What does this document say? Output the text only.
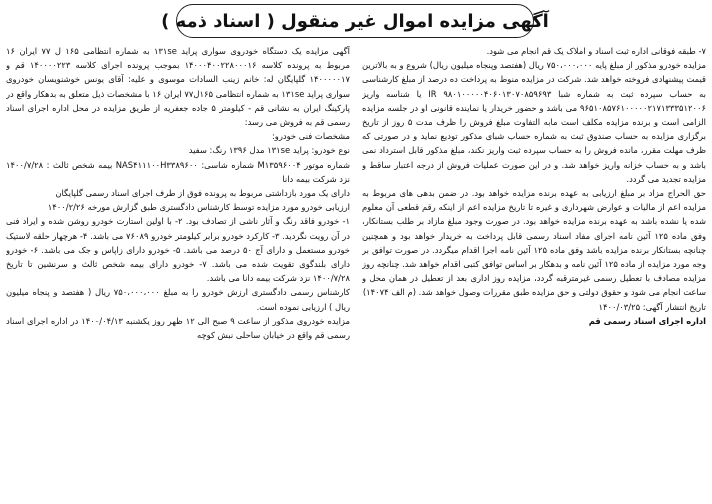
آگهی مزایده اموال غیر منقول ( اسناد ذمه )

آگهی مزایده یک دستگاه خودروی سواری پراید ۱۳۱se به شماره انتظامی ۱۶۵ ل ۷۷ ایران ۱۶ مربوط به پرونده کلاسه ۱۴۰۰۰۴۰۰۲۲۸۰۰۰۱۶ بموجب پرونده اجرای کلاسه ۱۴۰۰۰۰۲۲۳ قم و ۱۴۰۰۰۰۰۱۷ گلپایگان له: خانم زینب السادات موسوی و علیه: آقای یونس خوشنویسان خودروی سواری پراید ۱۳۱se به شماره انتظامی ۱۶۵ل۷۷ ایران ۱۶ با مشخصات ذیل متعلق به بدهکار واقع در پارکینگ ایران به نشانی قم - کیلومتر ۵ جاده جعفریه از طریق مزایده در محل اداره اجرای اسناد رسمی قم به فروش می رسد:

مشخصات فنی خودرو:

نوع خودرو: پراید ۱۳۱se مدل ۱۳۹۶ رنگ: سفید

شماره موتور M۱۳۵۹۶۰۰۴ شماره شاسی: NAS۴۱۱۱۰۰H۳۳۸۹۶۰۰ بیمه شخص ثالث : ۱۴۰۰/۷/۲۸ نزد شرکت بیمه دانا

دارای یک مورد بازداشتی مربوط به پرونده فوق از طرف اجرای اسناد رسمی گلپایگان

ارزیابی خودرو مورد مزایده توسط کارشناس دادگستری طبق گزارش مورخه ۱۴۰۰/۲/۲۶

۱- خودرو فاقد رنگ و آثار ناشی از تصادف بود. ۲- با اولین استارت خودرو روشن شده و ایراد فنی در آن رویت نگردید. ۳- کارکرد خودرو برابر کیلومتر خودرو ۷۶۰۸۹ می باشد. ۴- هرچهار حلقه لاستیک خودرو مستعمل و دارای آج ۵۰ درصد می باشد. ۵- خودرو دارای زاپاس و جک می باشد. ۶- خودرو دارای بلندگوی تقویت شده می باشد. ۷- خودرو دارای بیمه شخص ثالث و سرنشین تا تاریخ ۱۴۰۰/۷/۲۸ نزد شرکت بیمه دانا می باشد.

کارشناس رسمی دادگستری ارزش خودرو را به مبلغ ۷۵۰،۰۰۰،۰۰۰ ریال ( هفتصد و پنجاه میلیون ریال ) ارزیابی نموده است.

مزایده خودروی مذکور از ساعت ۹ صبح الی ۱۲ ظهر روز یکشنبه ۱۴۰۰/۰۴/۱۳ در اداره اجرای اسناد رسمی قم واقع در خیابان ساحلی نبش کوچه

۷- طبقه فوقانی اداره ثبت اسناد و املاک یک قم انجام می شود.

مزایده خودرو مذکور از مبلغ پایه ۷۵۰،۰۰۰،۰۰۰ ریال (هفتصد وپنجاه میلیون ریال) شروع و به بالاترین قیمت پیشنهادی فروخته خواهد شد. شرکت در مزایده منوط به پرداخت ده درصد از مبلغ کارشناسی به حساب سپرده ثبت به شماره شبا IR ۹۸۰۱۰۰۰۰۰۴۰۶۰۱۳۰۷۰۸۵۹۶۹۳ یا شناسه واریز ۹۶۵۱۰۸۵۷۶۱۰۰۰۰۰۲۱۷۱۳۳۳۵۱۲۰۰۶ می باشد و حضور خریدار یا نماینده قانونی او در جلسه مزایده الزامی است و برنده مزایده مکلف است مابه التفاوت مبلغ فروش را ظرف مدت ۵ روز از تاریخ برگزاری مزایده به حساب صندوق ثبت به شماره حساب شبای مذکور تودیع نماید و در صورتی که ظرف مهلت مقرر، مانده فروش را به حساب سپرده ثبت واریز نکند، مبلغ مذکور قابل استرداد نمی باشد و به حساب خزانه واریز خواهد شد. و در این صورت عملیات فروش از درجه اعتبار ساقط و مزایده تجدید می گردد.

حق الحراج مزاد بر مبلغ ارزیابی به عهده برنده مزایده خواهد بود. در ضمن بدهی های مربوط به مزایده اعم از مالیات و عوارض شهرداری و غیره تا تاریخ مزایده اعم از اینکه رقم قطعی آن معلوم شده یا نشده باشد به عهده برنده مزایده خواهد بود. در صورت وجود مبلغ مازاد بر طلب بستانکار، وفق ماده ۱۲۵ آئین نامه اجرای مفاد اسناد رسمی قابل پرداخت به خریدار خواهد بود و همچنین چنانچه بستانکار برنده مزایده باشد وفق ماده ۱۲۵ آئین نامه اجرا اقدام میگردد. در صورت توافق بر وجه مورد مزایده از ماده ۱۲۵ آئین نامه و بدهکار بر اساس توافق کتبی اقدام خواهد شد. چنانچه روز مزایده مصادف با تعطیل رسمی غیرمترقبه گردد، مزایده روز اداری بعد از تعطیل در همان محل و ساعت انجام می شود و حقوق دولتی و حق مزایده طبق مقررات وصول خواهد شد. (م الف ۱۴۰۷۴)

تاریخ انتشار آگهی: ۱۴۰۰/۰۳/۲۵

اداره اجرای اسناد رسمی قم
